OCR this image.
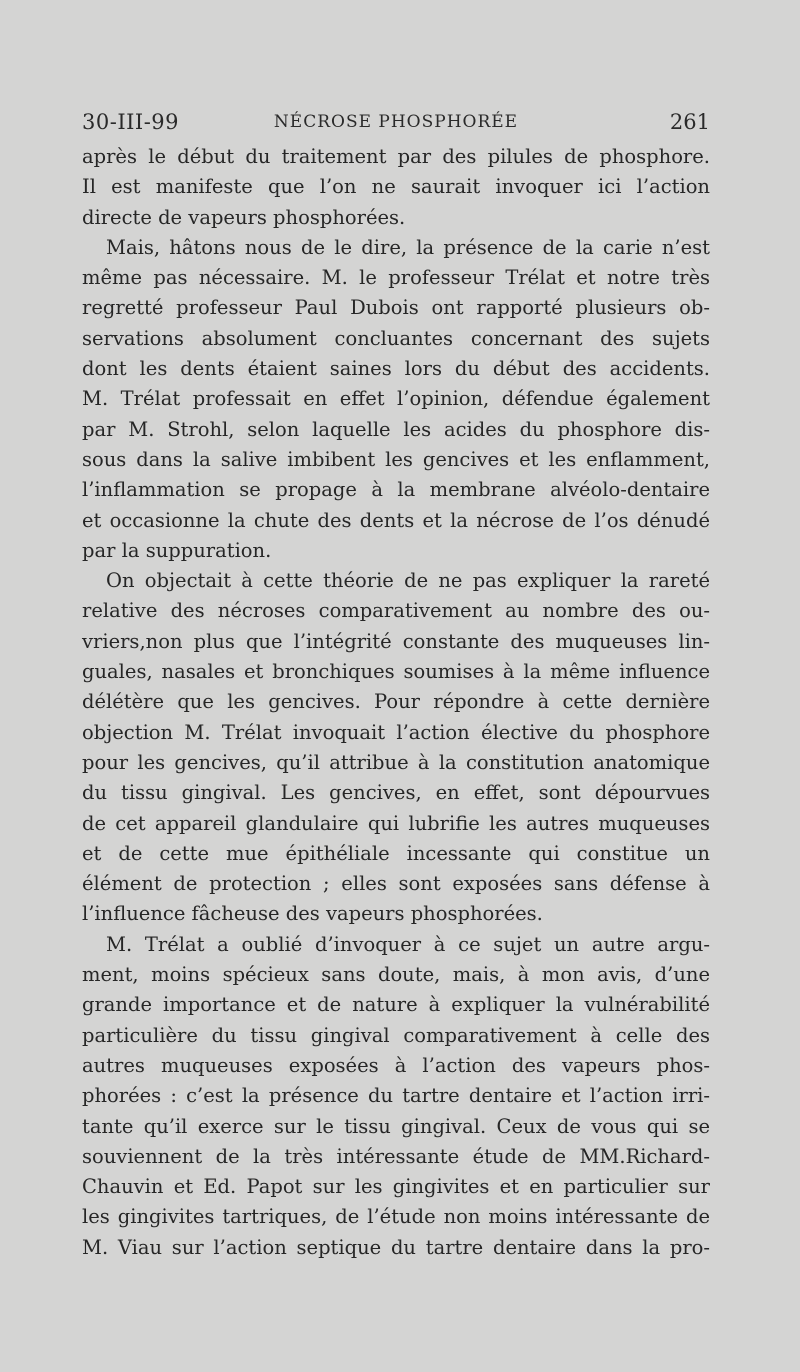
30-III-99	NÉCROSE PHOSPHORÉE	261
après le début du traitement par des pilules de phosphore.
Il est manifeste que l’on ne saurait invoquer ici l’action
directe de vapeurs phosphorées.
Mais, hâtons nous de le dire, la présence de la carie n’est
même pas nécessaire. M. le professeur Trélat et notre très
regretté professeur Paul Dubois ont rapporté plusieurs ob-
servations absolument concluantes concernant des sujets
dont les dents étaient saines lors du début des accidents.
M. Trélat professait en effet l’opinion, défendue également
par M. Strohl, selon laquelle les acides du phosphore dis-
sous dans la salive imbibent les gencives et les enflamment,
l’inflammation se propage à la membrane alvéolo-dentaire
et occasionne la chute des dents et la nécrose de l’os dénudé
par la suppuration.
On objectait à cette théorie de ne pas expliquer la rareté
relative des nécroses comparativement au nombre des ou-
vriers,non plus que l’intégrité constante des muqueuses lin-
guales, nasales et bronchiques soumises à la même influence
délétère que les gencives. Pour répondre à cette dernière
objection M. Trélat invoquait l’action élective du phosphore
pour les gencives, qu’il attribue à la constitution anatomique
du tissu gingival. Les gencives, en effet, sont dépourvues
de cet appareil glandulaire qui lubrifie les autres muqueuses
et de cette mue épithéliale incessante qui constitue un
élément de protection ; elles sont exposées sans défense à
l’influence fâcheuse des vapeurs phosphorées.
M. Trélat a oublié d’invoquer à ce sujet un autre argu-
ment, moins spécieux sans doute, mais, à mon avis, d’une
grande importance et de nature à expliquer la vulnérabilité
particulière du tissu gingival comparativement à celle des
autres muqueuses exposées à l’action des vapeurs phos-
phorées : c’est la présence du tartre dentaire et l’action irri-
tante qu’il exerce sur le tissu gingival. Ceux de vous qui se
souviennent de la très intéressante étude de MM.Richard-
Chauvin et Ed. Papot sur les gingivites et en particulier sur
les gingivites tartriques, de l’étude non moins intéressante de
M. Viau sur l’action septique du tartre dentaire dans la pro-
